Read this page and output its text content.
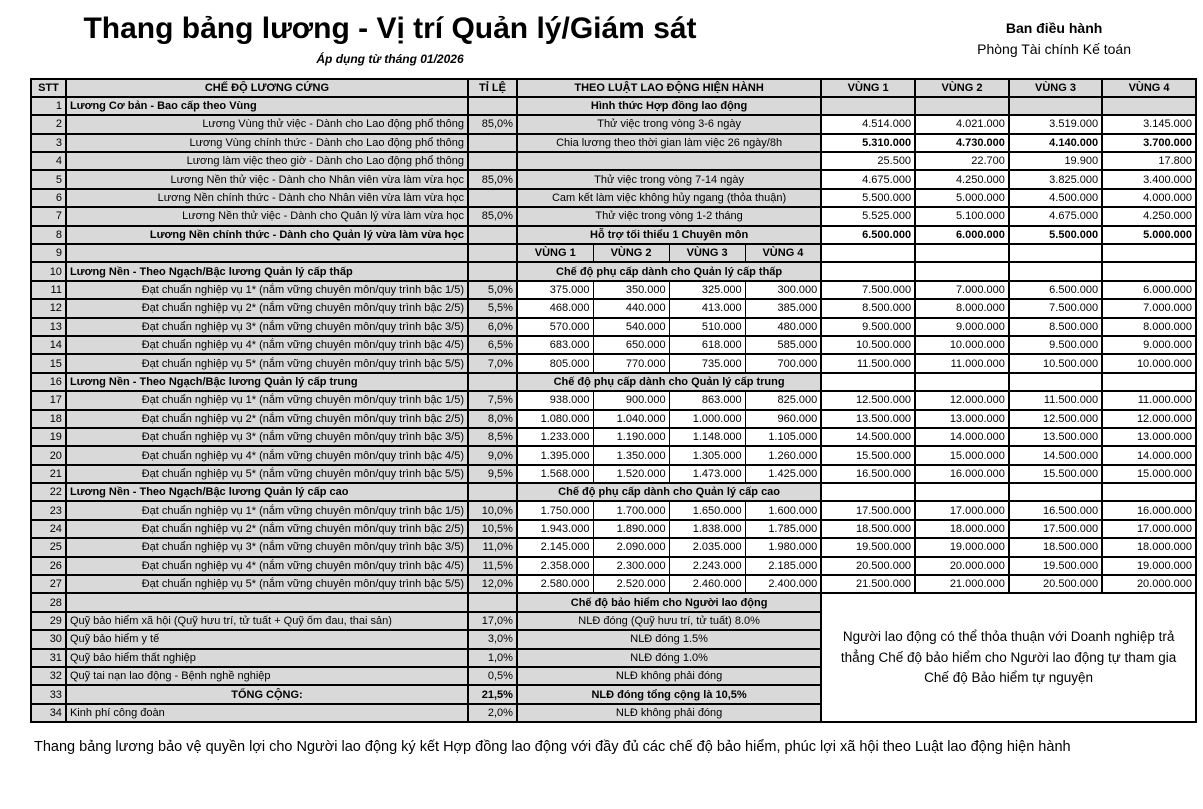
Thang bảng lương - Vị trí Quản lý/Giám sát
Áp dụng từ tháng 01/2026
Ban điều hành
Phòng Tài chính Kế toán
STT	CHẾ ĐỘ LƯƠNG CỨNG	TỈ LỆ	THEO LUẬT LAO ĐỘNG HIỆN HÀNH				VÙNG 1	VÙNG 2	VÙNG 3	VÙNG 4
1	Lương Cơ bản - Bao cấp theo Vùng		Hình thức Hợp đồng lao động							
2	Lương Vùng thử việc - Dành cho Lao động phổ thông	85,0%	Thử việc trong vòng 3-6 ngày				4.514.000	4.021.000	3.519.000	3.145.000
3	Lương Vùng chính thức - Dành cho Lao động phổ thông		Chia lương theo thời gian làm việc 26 ngày/8h				5.310.000	4.730.000	4.140.000	3.700.000
4	Lương làm việc theo giờ - Dành cho Lao động phổ thông						25.500	22.700	19.900	17.800
5	Lương Nền thử việc - Dành cho Nhân viên vừa làm vừa học	85,0%	Thử việc trong vòng 7-14 ngày				4.675.000	4.250.000	3.825.000	3.400.000
6	Lương Nền chính thức - Dành cho Nhân viên vừa làm vừa học		Cam kết làm việc không hủy ngang (thỏa thuận)				5.500.000	5.000.000	4.500.000	4.000.000
7	Lương Nền thử việc - Dành cho Quản lý vừa làm vừa học	85,0%	Thử việc trong vòng 1-2 tháng				5.525.000	5.100.000	4.675.000	4.250.000
8	Lương Nền chính thức - Dành cho Quản lý vừa làm vừa học		Hỗ trợ tối thiểu 1 Chuyên môn				6.500.000	6.000.000	5.500.000	5.000.000
9			VÙNG 1	VÙNG 2	VÙNG 3	VÙNG 4				
10	Lương Nền - Theo Ngạch/Bậc lương Quản lý cấp thấp		Chế độ phụ cấp dành cho Quản lý cấp thấp							
11	Đạt chuẩn nghiệp vụ 1* (nắm vững chuyên môn/quy trình bậc 1/5)	5,0%	375.000	350.000	325.000	300.000	7.500.000	7.000.000	6.500.000	6.000.000
12	Đạt chuẩn nghiệp vụ 2* (nắm vững chuyên môn/quy trình bậc 2/5)	5,5%	468.000	440.000	413.000	385.000	8.500.000	8.000.000	7.500.000	7.000.000
13	Đạt chuẩn nghiệp vụ 3* (nắm vững chuyên môn/quy trình bậc 3/5)	6,0%	570.000	540.000	510.000	480.000	9.500.000	9.000.000	8.500.000	8.000.000
14	Đạt chuẩn nghiệp vụ 4* (nắm vững chuyên môn/quy trình bậc 4/5)	6,5%	683.000	650.000	618.000	585.000	10.500.000	10.000.000	9.500.000	9.000.000
15	Đạt chuẩn nghiệp vụ 5* (nắm vững chuyên môn/quy trình bậc 5/5)	7,0%	805.000	770.000	735.000	700.000	11.500.000	11.000.000	10.500.000	10.000.000
16	Lương Nền - Theo Ngạch/Bậc lương Quản lý cấp trung		Chế độ phụ cấp dành cho Quản lý cấp trung							
17	Đạt chuẩn nghiệp vụ 1* (nắm vững chuyên môn/quy trình bậc 1/5)	7,5%	938.000	900.000	863.000	825.000	12.500.000	12.000.000	11.500.000	11.000.000
18	Đạt chuẩn nghiệp vụ 2* (nắm vững chuyên môn/quy trình bậc 2/5)	8,0%	1.080.000	1.040.000	1.000.000	960.000	13.500.000	13.000.000	12.500.000	12.000.000
19	Đạt chuẩn nghiệp vụ 3* (nắm vững chuyên môn/quy trình bậc 3/5)	8,5%	1.233.000	1.190.000	1.148.000	1.105.000	14.500.000	14.000.000	13.500.000	13.000.000
20	Đạt chuẩn nghiệp vụ 4* (nắm vững chuyên môn/quy trình bậc 4/5)	9,0%	1.395.000	1.350.000	1.305.000	1.260.000	15.500.000	15.000.000	14.500.000	14.000.000
21	Đạt chuẩn nghiệp vụ 5* (nắm vững chuyên môn/quy trình bậc 5/5)	9,5%	1.568.000	1.520.000	1.473.000	1.425.000	16.500.000	16.000.000	15.500.000	15.000.000
22	Lương Nền - Theo Ngạch/Bậc lương Quản lý cấp cao		Chế độ phụ cấp dành cho Quản lý cấp cao							
23	Đạt chuẩn nghiệp vụ 1* (nắm vững chuyên môn/quy trình bậc 1/5)	10,0%	1.750.000	1.700.000	1.650.000	1.600.000	17.500.000	17.000.000	16.500.000	16.000.000
24	Đạt chuẩn nghiệp vụ 2* (nắm vững chuyên môn/quy trình bậc 2/5)	10,5%	1.943.000	1.890.000	1.838.000	1.785.000	18.500.000	18.000.000	17.500.000	17.000.000
25	Đạt chuẩn nghiệp vụ 3* (nắm vững chuyên môn/quy trình bậc 3/5)	11,0%	2.145.000	2.090.000	2.035.000	1.980.000	19.500.000	19.000.000	18.500.000	18.000.000
26	Đạt chuẩn nghiệp vụ 4* (nắm vững chuyên môn/quy trình bậc 4/5)	11,5%	2.358.000	2.300.000	2.243.000	2.185.000	20.500.000	20.000.000	19.500.000	19.000.000
27	Đạt chuẩn nghiệp vụ 5* (nắm vững chuyên môn/quy trình bậc 5/5)	12,0%	2.580.000	2.520.000	2.460.000	2.400.000	21.500.000	21.000.000	20.500.000	20.000.000
28			Chế độ bảo hiểm cho Người lao động				Người lao động có thể thỏa thuận với Doanh nghiệp trả thẳng Chế độ bảo hiểm cho Người lao động tự tham gia Chế độ Bảo hiểm tự nguyện			
29	Quỹ bảo hiểm xã hội (Quỹ hưu trí, tử tuất + Quỹ ốm đau, thai sản)	17,0%	NLĐ đóng (Quỹ hưu trí, tử tuất) 8.0%							
30	Quỹ bảo hiểm y tế	3,0%	NLĐ đóng 1.5%							
31	Quỹ bảo hiểm thất nghiệp	1,0%	NLĐ đóng 1.0%							
32	Quỹ tai nạn lao động - Bệnh nghề nghiệp	0,5%	NLĐ không phải đóng							
33	TỔNG CỘNG:	21,5%	NLĐ đóng tổng cộng là 10,5%							
34	Kinh phí công đoàn	2,0%	NLĐ không phải đóng							
Thang bảng lương bảo vệ quyền lợi cho Người lao động ký kết Hợp đồng lao động với đầy đủ các chế độ bảo hiểm, phúc lợi xã hội theo Luật lao động hiện hành
